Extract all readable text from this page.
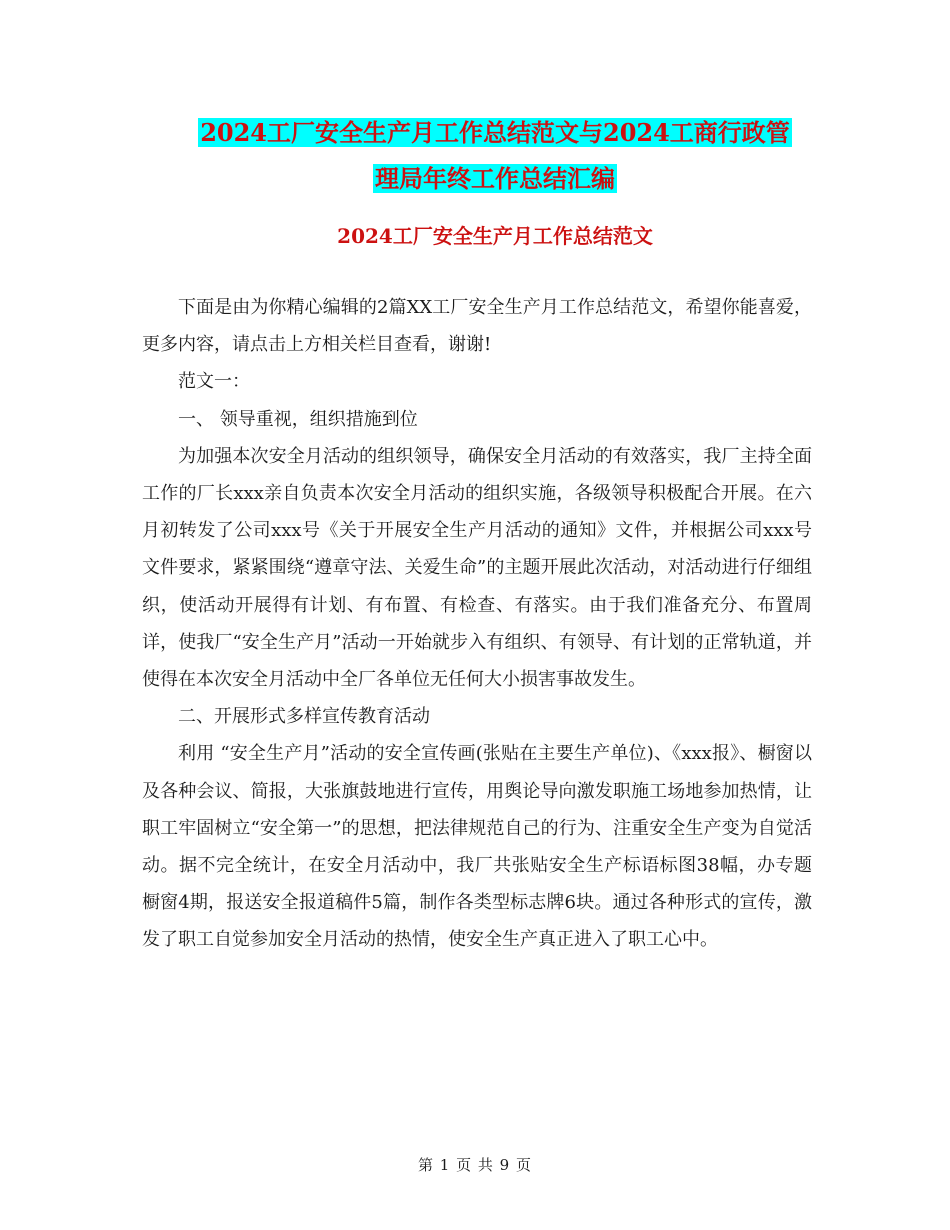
2024工厂安全生产月工作总结范文与2024工商行政管
理局年终工作总结汇编
2024工厂安全生产月工作总结范文

下面是由为你精心编辑的2篇XX工厂安全生产月工作总结范文，希望你能喜爱，更多内容，请点击上方相关栏目查看，谢谢!

范文一：

一、 领导重视，组织措施到位

为加强本次安全月活动的组织领导，确保安全月活动的有效落实，我厂主持全面工作的厂长xxx亲自负责本次安全月活动的组织实施，各级领导积极配合开展。在六月初转发了公司xxx号《关于开展安全生产月活动的通知》文件，并根据公司xxx号文件要求，紧紧围绕“遵章守法、关爱生命”的主题开展此次活动，对活动进行仔细组织，使活动开展得有计划、有布置、有检查、有落实。由于我们准备充分、布置周详，使我厂“安全生产月”活动一开始就步入有组织、有领导、有计划的正常轨道，并使得在本次安全月活动中全厂各单位无任何大小损害事故发生。

二、开展形式多样宣传教育活动

利用 “安全生产月”活动的安全宣传画(张贴在主要生产单位)、《xxx报》、橱窗以及各种会议、简报，大张旗鼓地进行宣传，用舆论导向激发职施工场地参加热情，让职工牢固树立“安全第一”的思想，把法律规范自己的行为、注重安全生产变为自觉活动。据不完全统计，在安全月活动中，我厂共张贴安全生产标语标图38幅，办专题橱窗4期，报送安全报道稿件5篇，制作各类型标志牌6块。通过各种形式的宣传，激发了职工自觉参加安全月活动的热情，使安全生产真正进入了职工心中。

第 1 页 共 9 页
